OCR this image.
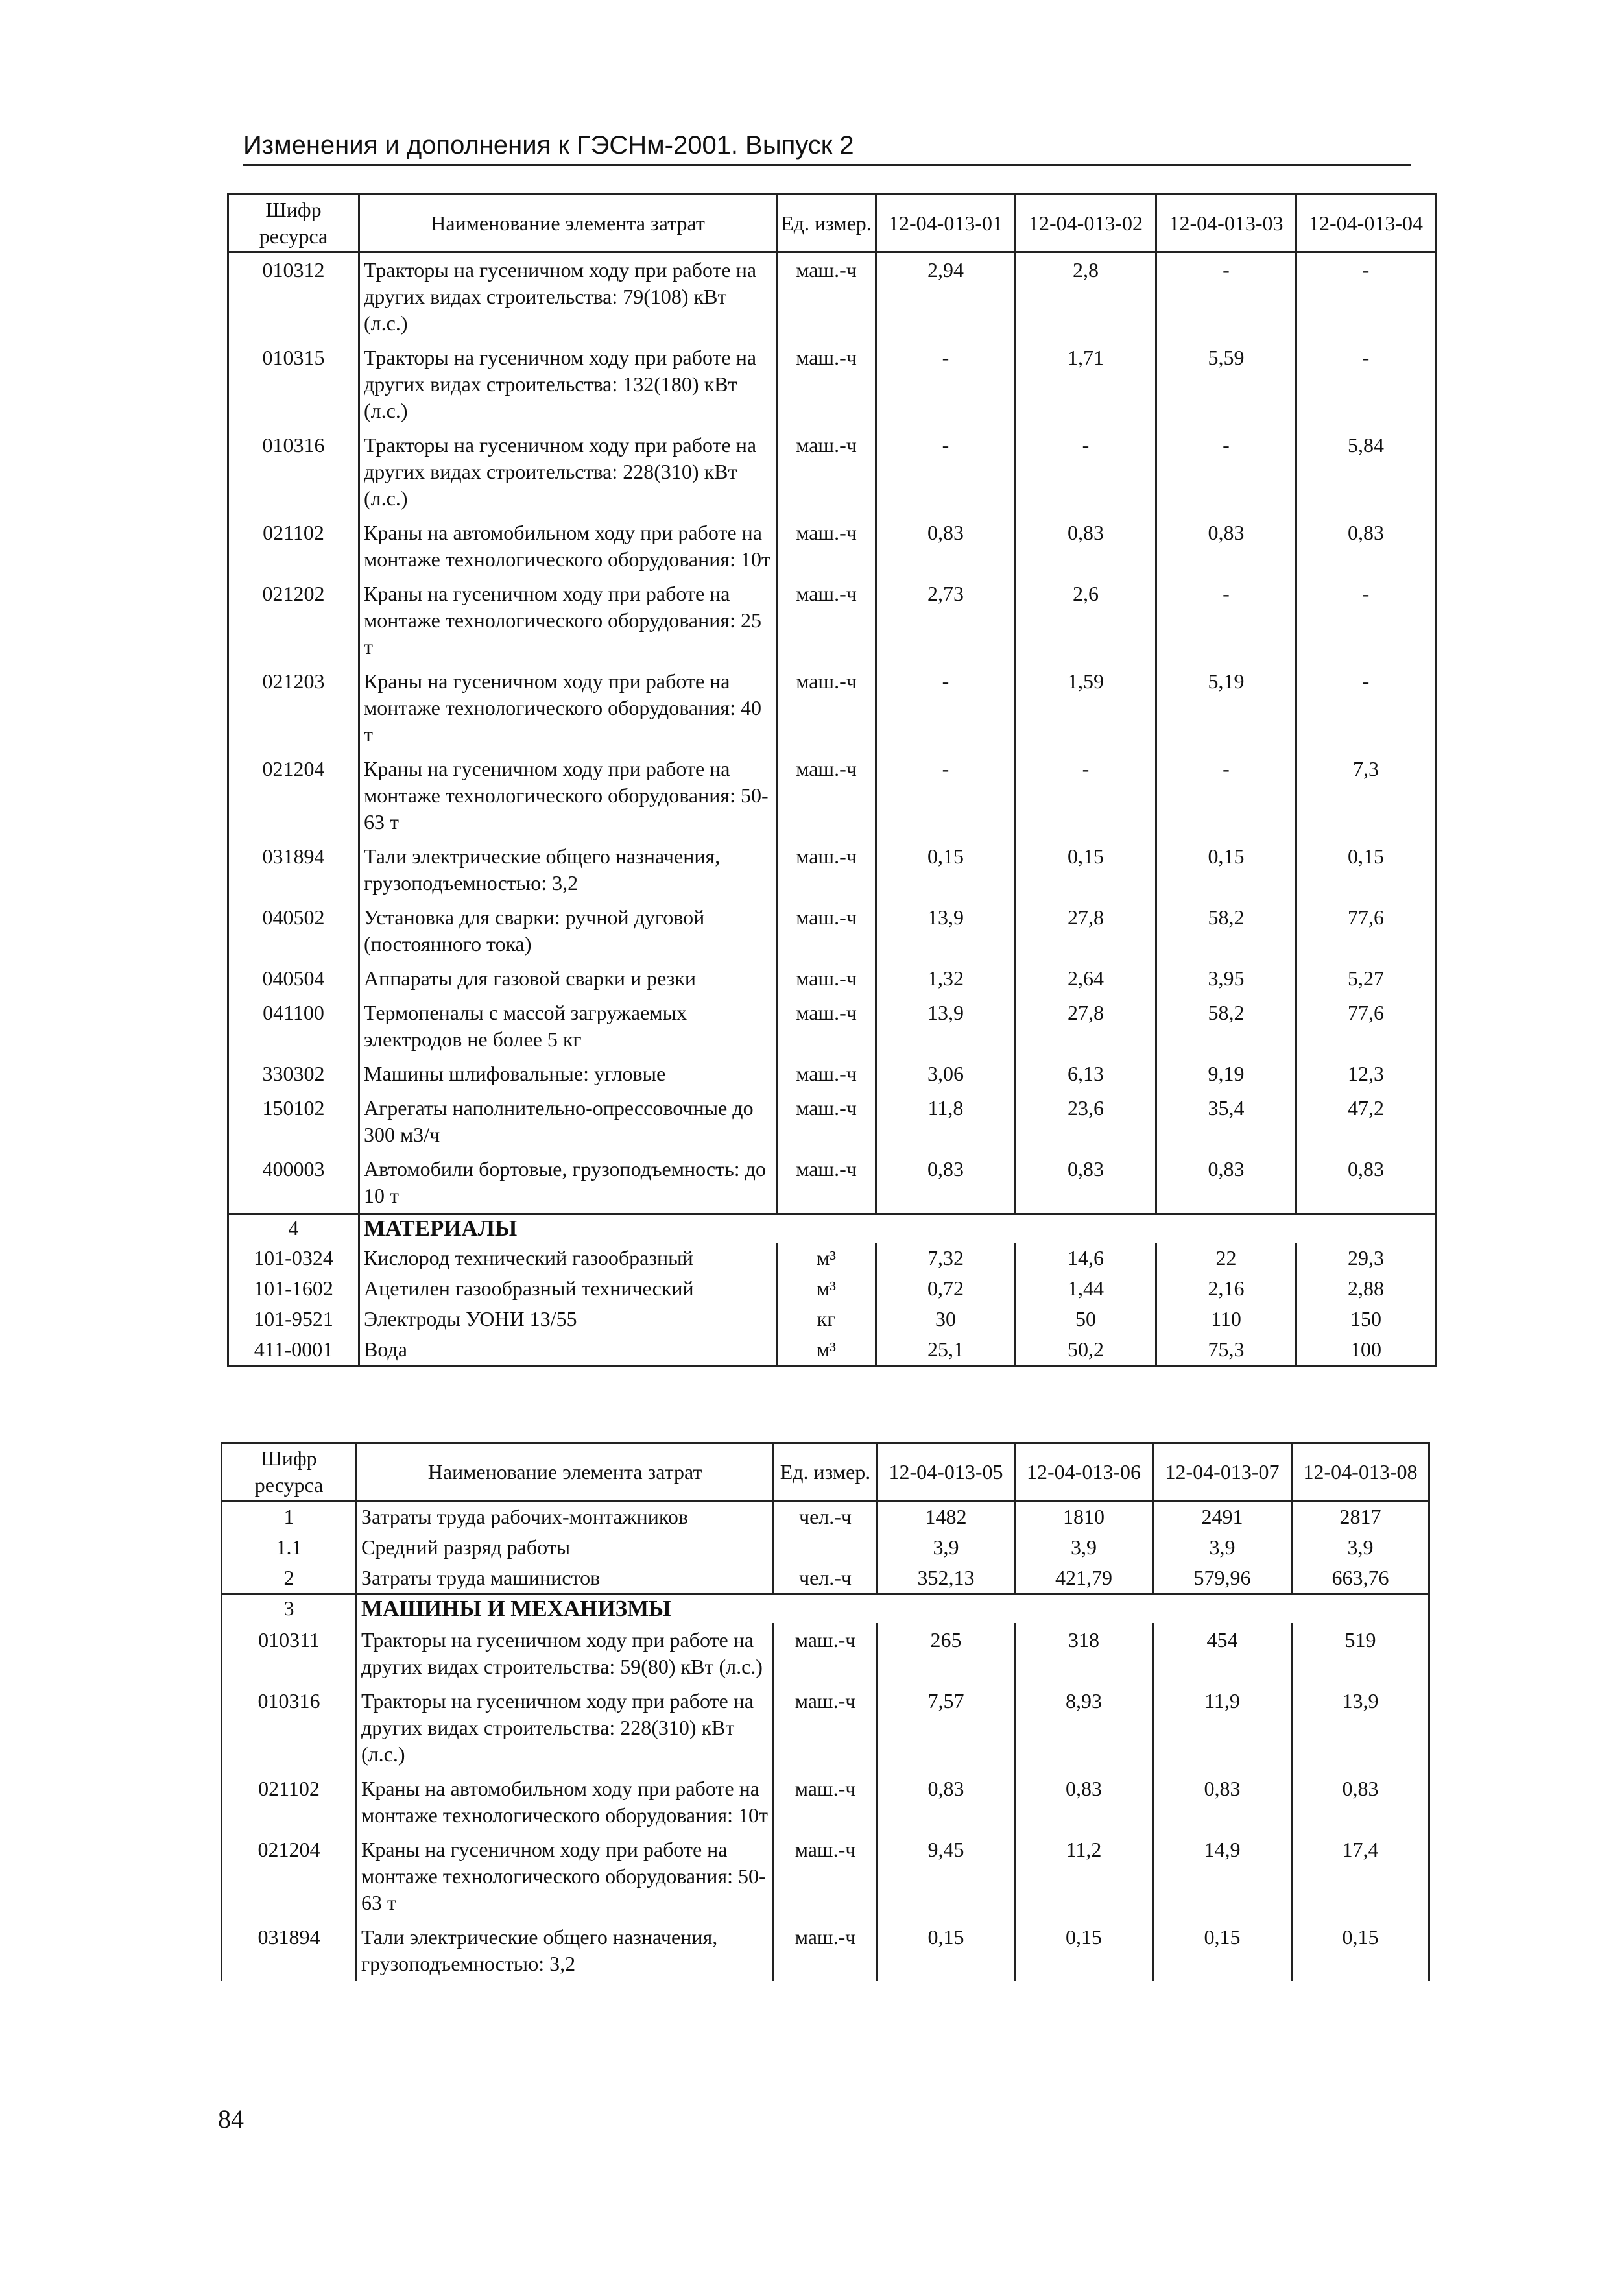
Изменения и дополнения к ГЭСНм-2001. Выпуск 2
Шифр ресурса	Наименование элемента затрат	Ед. измер.	12-04-013-01	12-04-013-02	12-04-013-03	12-04-013-04
010312	Тракторы на гусеничном ходу при работе на других видах строительства: 79(108) кВт (л.с.)	маш.-ч	2,94	2,8	-	-
010315	Тракторы на гусеничном ходу при работе на других видах строительства: 132(180) кВт (л.с.)	маш.-ч	-	1,71	5,59	-
010316	Тракторы на гусеничном ходу при работе на других видах строительства: 228(310) кВт (л.с.)	маш.-ч	-	-	-	5,84
021102	Краны на автомобильном ходу при работе на монтаже технологического оборудования: 10т	маш.-ч	0,83	0,83	0,83	0,83
021202	Краны на гусеничном ходу при работе на монтаже технологического оборудования: 25 т	маш.-ч	2,73	2,6	-	-
021203	Краны на гусеничном ходу при работе на монтаже технологического оборудования: 40 т	маш.-ч	-	1,59	5,19	-
021204	Краны на гусеничном ходу при работе на монтаже технологического оборудования: 50-63 т	маш.-ч	-	-	-	7,3
031894	Тали электрические общего назначения, грузоподъемностью: 3,2	маш.-ч	0,15	0,15	0,15	0,15
040502	Установка для сварки: ручной дуговой (постоянного тока)	маш.-ч	13,9	27,8	58,2	77,6
040504	Аппараты для газовой сварки и резки	маш.-ч	1,32	2,64	3,95	5,27
041100	Термопеналы с массой загружаемых электродов не более 5 кг	маш.-ч	13,9	27,8	58,2	77,6
330302	Машины шлифовальные: угловые	маш.-ч	3,06	6,13	9,19	12,3
150102	Агрегаты наполнительно-опрессовочные до 300 м3/ч	маш.-ч	11,8	23,6	35,4	47,2
400003	Автомобили бортовые, грузоподъемность: до 10 т	маш.-ч	0,83	0,83	0,83	0,83
4	МАТЕРИАЛЫ					
101-0324	Кислород технический газообразный	м³	7,32	14,6	22	29,3
101-1602	Ацетилен газообразный технический	м³	0,72	1,44	2,16	2,88
101-9521	Электроды УОНИ 13/55	кг	30	50	110	150
411-0001	Вода	м³	25,1	50,2	75,3	100
Шифр ресурса	Наименование элемента затрат	Ед. измер.	12-04-013-05	12-04-013-06	12-04-013-07	12-04-013-08
1	Затраты труда рабочих-монтажников	чел.-ч	1482	1810	2491	2817
1.1	Средний разряд работы		3,9	3,9	3,9	3,9
2	Затраты труда машинистов	чел.-ч	352,13	421,79	579,96	663,76
3	МАШИНЫ И МЕХАНИЗМЫ					
010311	Тракторы на гусеничном ходу при работе на других видах строительства: 59(80) кВт (л.с.)	маш.-ч	265	318	454	519
010316	Тракторы на гусеничном ходу при работе на других видах строительства: 228(310) кВт (л.с.)	маш.-ч	7,57	8,93	11,9	13,9
021102	Краны на автомобильном ходу при работе на монтаже технологического оборудования: 10т	маш.-ч	0,83	0,83	0,83	0,83
021204	Краны на гусеничном ходу при работе на монтаже технологического оборудования: 50-63 т	маш.-ч	9,45	11,2	14,9	17,4
031894	Тали электрические общего назначения, грузоподъемностью: 3,2	маш.-ч	0,15	0,15	0,15	0,15
84
